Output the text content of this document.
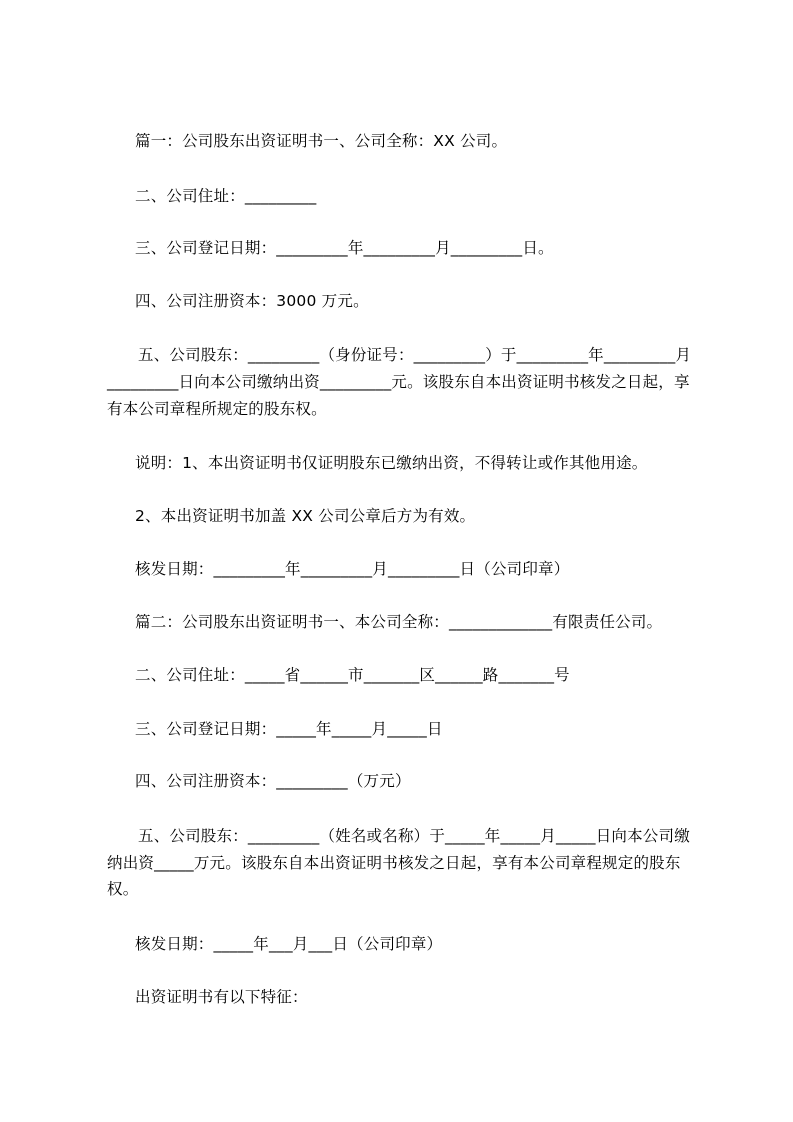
篇一：公司股东出资证明书一、公司全称：XX 公司。
二、公司住址：_________
三、公司登记日期：_________年_________月_________日。
四、公司注册资本：3000 万元。
五、公司股东：_________（身份证号：_________）于_________年_________月
_________日向本公司缴纳出资_________元。该股东自本出资证明书核发之日起，享
有本公司章程所规定的股东权。
说明：1、本出资证明书仅证明股东已缴纳出资，不得转让或作其他用途。
2、本出资证明书加盖 XX 公司公章后方为有效。
核发日期：_________年_________月_________日（公司印章）
篇二：公司股东出资证明书一、本公司全称：_____________有限责任公司。
二、公司住址：_____省______市_______区______路_______号
三、公司登记日期：_____年_____月_____日
四、公司注册资本：_________（万元）
五、公司股东：_________（姓名或名称）于_____年_____月_____日向本公司缴
纳出资_____万元。该股东自本出资证明书核发之日起，享有本公司章程规定的股东
权。
核发日期：_____年___月___日（公司印章）
出资证明书有以下特征：
